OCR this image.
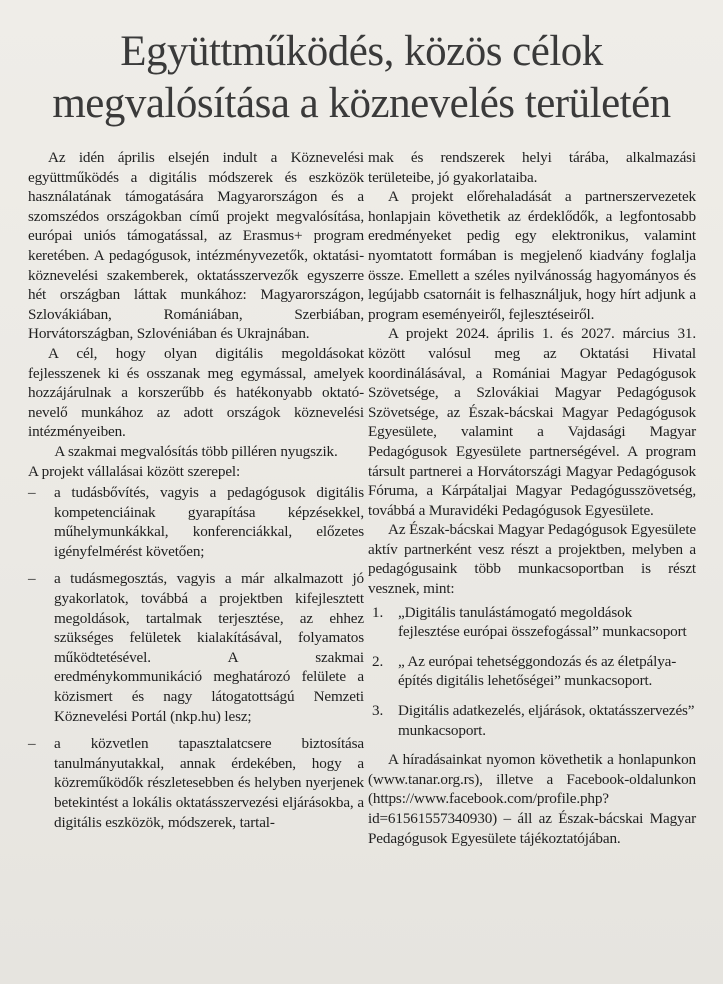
Együttműködés, közös célok
megvalósítása a köznevelés területén

Az idén április elsején indult a Köznevelési együttműködés a digitális módszerek és eszközök használatának támogatására Magyarországon és a szomszédos országokban című projekt megvalósítása, európai uniós támogatással, az Erasmus+ program keretében. A pedagógusok, intézményvezetők, oktatási-köznevelési szakemberek, oktatásszervezők egyszerre hét országban láttak munkához: Magyarországon, Szlovákiában, Romániában, Szerbiában, Horvátországban, Szlovéniában és Ukrajnában.

A cél, hogy olyan digitális megoldásokat fejlesszenek ki és osszanak meg egymással, amelyek hozzájárulnak a korszerűbb és hatékonyabb oktató-nevelő munkához az adott országok köznevelési intézményeiben.

A szakmai megvalósítás több pilléren nyugszik.

A projekt vállalásai között szerepel:

– a tudásbővítés, vagyis a pedagógusok digitális kompetenciáinak gyarapítása képzésekkel, műhelymunkákkal, konferenciákkal, előzetes igényfelmérést követően;
– a tudásmegosztás, vagyis a már alkalmazott jó gyakorlatok, továbbá a projektben kifejlesztett megoldások, tartalmak terjesztése, az ehhez szükséges felületek kialakításával, folyamatos működtetésével. A szakmai eredménykommunikáció meghatározó felülete a közismert és nagy látogatottságú Nemzeti Köznevelési Portál (nkp.hu) lesz;
– a közvetlen tapasztalatcsere biztosítása tanulmányutakkal, annak érdekében, hogy a közreműködők részletesebben és helyben nyerjenek betekintést a lokális oktatásszervezési eljárásokba, a digitális eszközök, módszerek, tartal-

mak és rendszerek helyi tárába, alkalmazási területeibe, jó gyakorlataiba.

A projekt előrehaladását a partnerszervezetek honlapjain követhetik az érdeklődők, a legfontosabb eredményeket pedig egy elektronikus, valamint nyomtatott formában is megjelenő kiadvány foglalja össze. Emellett a széles nyilvánosság hagyományos és legújabb csatornáit is felhasználjuk, hogy hírt adjunk a program eseményeiről, fejlesztéseiről.

A projekt 2024. április 1. és 2027. március 31. között valósul meg az Oktatási Hivatal koordinálásával, a Romániai Magyar Pedagógusok Szövetsége, a Szlovákiai Magyar Pedagógusok Szövetsége, az Észak-bácskai Magyar Pedagógusok Egyesülete, valamint a Vajdasági Magyar Pedagógusok Egyesülete partnerségével. A program társult partnerei a Horvátországi Magyar Pedagógusok Fóruma, a Kárpátaljai Magyar Pedagógusszövetség, továbbá a Muravidéki Pedagógusok Egyesülete.

Az Észak-bácskai Magyar Pedagógusok Egyesülete aktív partnerként vesz részt a projektben, melyben a pedagógusaink több munkacsoportban is részt vesznek, mint:

1. „Digitális tanulástámogató megoldások fejlesztése európai összefogással” munkacsoport
2. „ Az európai tehetséggondozás és az életpálya-építés digitális lehetőségei” munkacsoport.
3. Digitális adatkezelés, eljárások, oktatásszervezés” munkacsoport.

A híradásainkat nyomon követhetik a honlapunkon (www.tanar.org.rs), illetve a Facebook-oldalunkon (https://www.facebook.com/profile.php?id=61561557340930) – áll az Észak-bácskai Magyar Pedagógusok Egyesülete tájékoztatójában.
